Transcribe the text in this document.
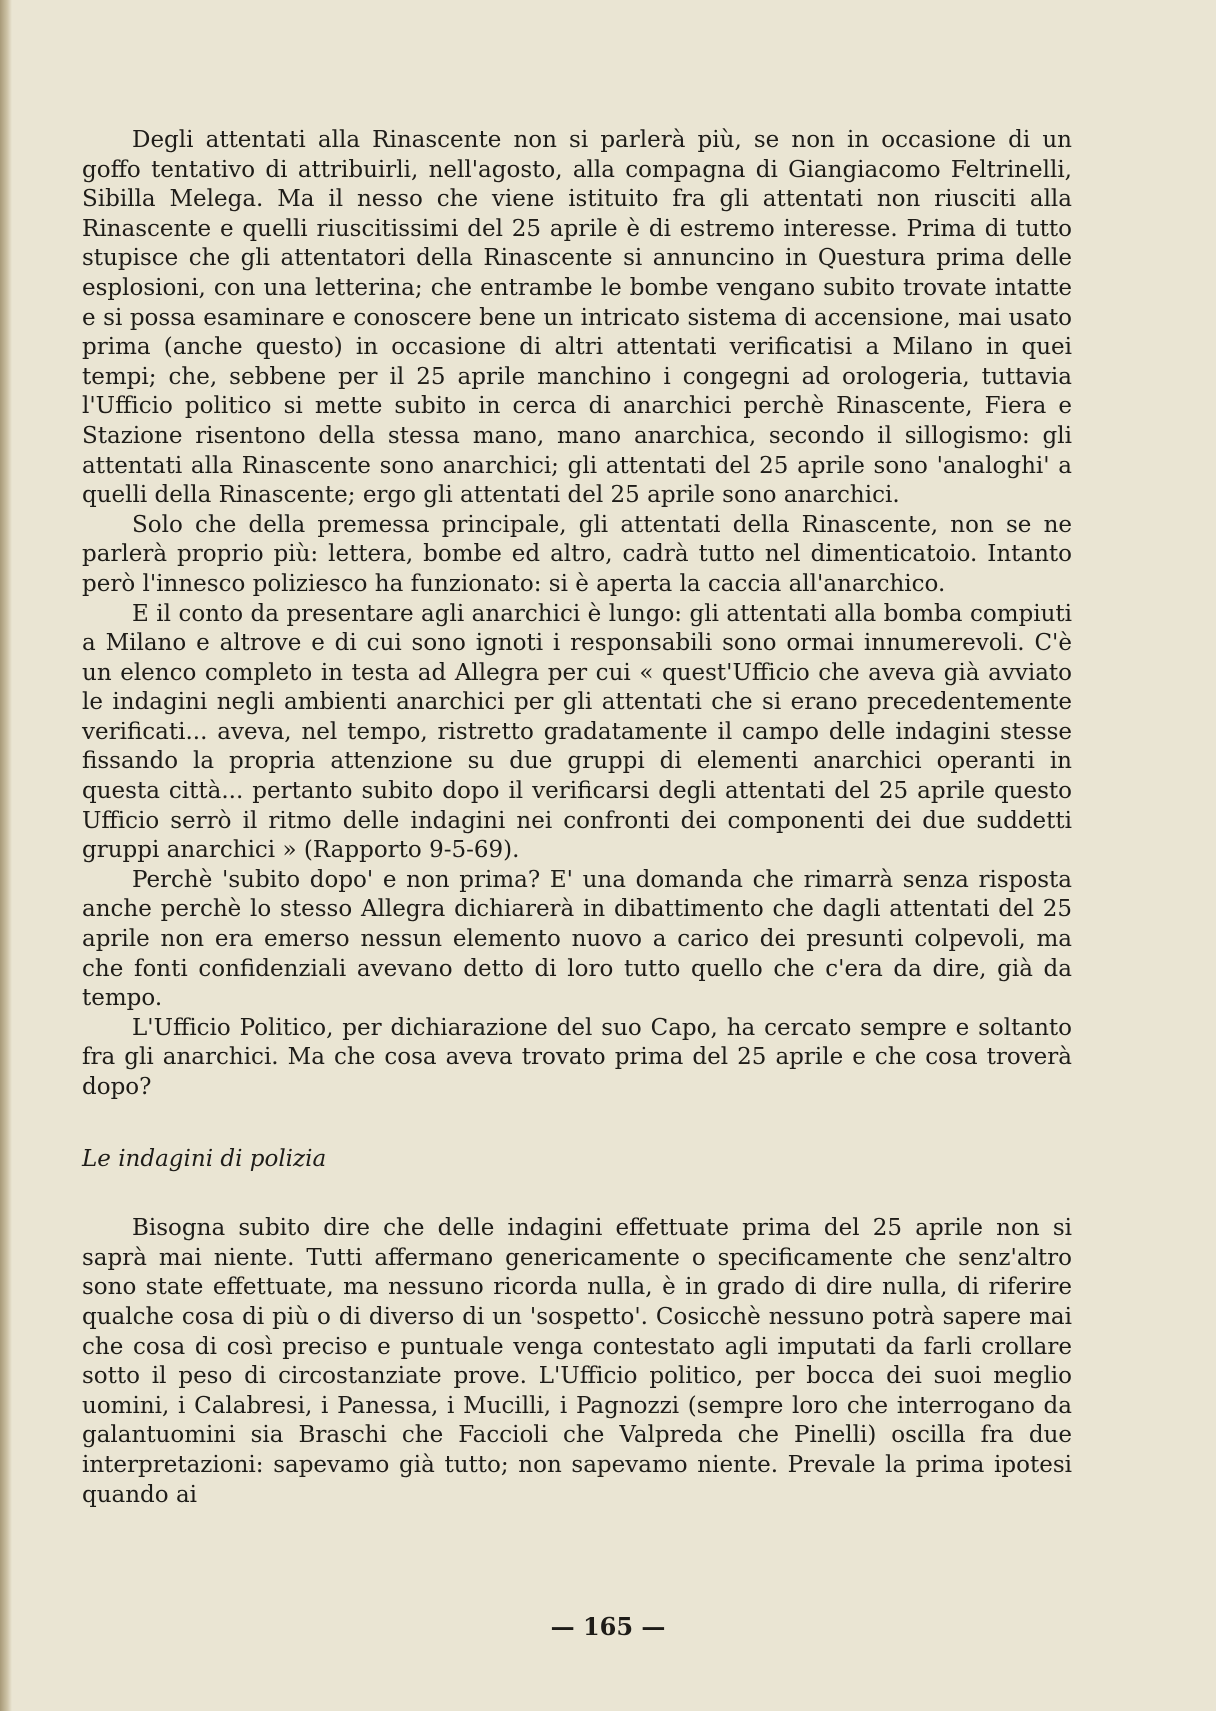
Degli attentati alla Rinascente non si parlerà più, se non in occasione di un goffo tentativo di attribuirli, nell'agosto, alla compagna di Giangiacomo Feltrinelli, Sibilla Melega. Ma il nesso che viene istituito fra gli attentati non riusciti alla Rinascente e quelli riuscitissimi del 25 aprile è di estremo interesse. Prima di tutto stupisce che gli attentatori della Rinascente si annuncino in Questura prima delle esplosioni, con una letterina; che entrambe le bombe vengano subito trovate intatte e si possa esaminare e conoscere bene un intricato sistema di accensione, mai usato prima (anche questo) in occasione di altri attentati verificatisi a Milano in quei tempi; che, sebbene per il 25 aprile manchino i congegni ad orologeria, tuttavia l'Ufficio politico si mette subito in cerca di anarchici perchè Rinascente, Fiera e Stazione risentono della stessa mano, mano anarchica, secondo il sillogismo: gli attentati alla Rinascente sono anarchici; gli attentati del 25 aprile sono 'analoghi' a quelli della Rinascente; ergo gli attentati del 25 aprile sono anarchici.

Solo che della premessa principale, gli attentati della Rinascente, non se ne parlerà proprio più: lettera, bombe ed altro, cadrà tutto nel dimenticatoio. Intanto però l'innesco poliziesco ha funzionato: si è aperta la caccia all'anarchico.

E il conto da presentare agli anarchici è lungo: gli attentati alla bomba compiuti a Milano e altrove e di cui sono ignoti i responsabili sono ormai innumerevoli. C'è un elenco completo in testa ad Allegra per cui « quest'Ufficio che aveva già avviato le indagini negli ambienti anarchici per gli attentati che si erano precedentemente verificati... aveva, nel tempo, ristretto gradatamente il campo delle indagini stesse fissando la propria attenzione su due gruppi di elementi anarchici operanti in questa città... pertanto subito dopo il verificarsi degli attentati del 25 aprile questo Ufficio serrò il ritmo delle indagini nei confronti dei componenti dei due suddetti gruppi anarchici » (Rapporto 9-5-69).

Perchè 'subito dopo' e non prima? E' una domanda che rimarrà senza risposta anche perchè lo stesso Allegra dichiarerà in dibattimento che dagli attentati del 25 aprile non era emerso nessun elemento nuovo a carico dei presunti colpevoli, ma che fonti confidenziali avevano detto di loro tutto quello che c'era da dire, già da tempo.

L'Ufficio Politico, per dichiarazione del suo Capo, ha cercato sempre e soltanto fra gli anarchici. Ma che cosa aveva trovato prima del 25 aprile e che cosa troverà dopo?

Le indagini di polizia

Bisogna subito dire che delle indagini effettuate prima del 25 aprile non si saprà mai niente. Tutti affermano genericamente o specificamente che senz'altro sono state effettuate, ma nessuno ricorda nulla, è in grado di dire nulla, di riferire qualche cosa di più o di diverso di un 'sospetto'. Cosicchè nessuno potrà sapere mai che cosa di così preciso e puntuale venga contestato agli imputati da farli crollare sotto il peso di circostanziate prove. L'Ufficio politico, per bocca dei suoi meglio uomini, i Calabresi, i Panessa, i Mucilli, i Pagnozzi (sempre loro che interrogano da galantuomini sia Braschi che Faccioli che Valpreda che Pinelli) oscilla fra due interpretazioni: sapevamo già tutto; non sapevamo niente. Prevale la prima ipotesi quando ai

— 165 —
